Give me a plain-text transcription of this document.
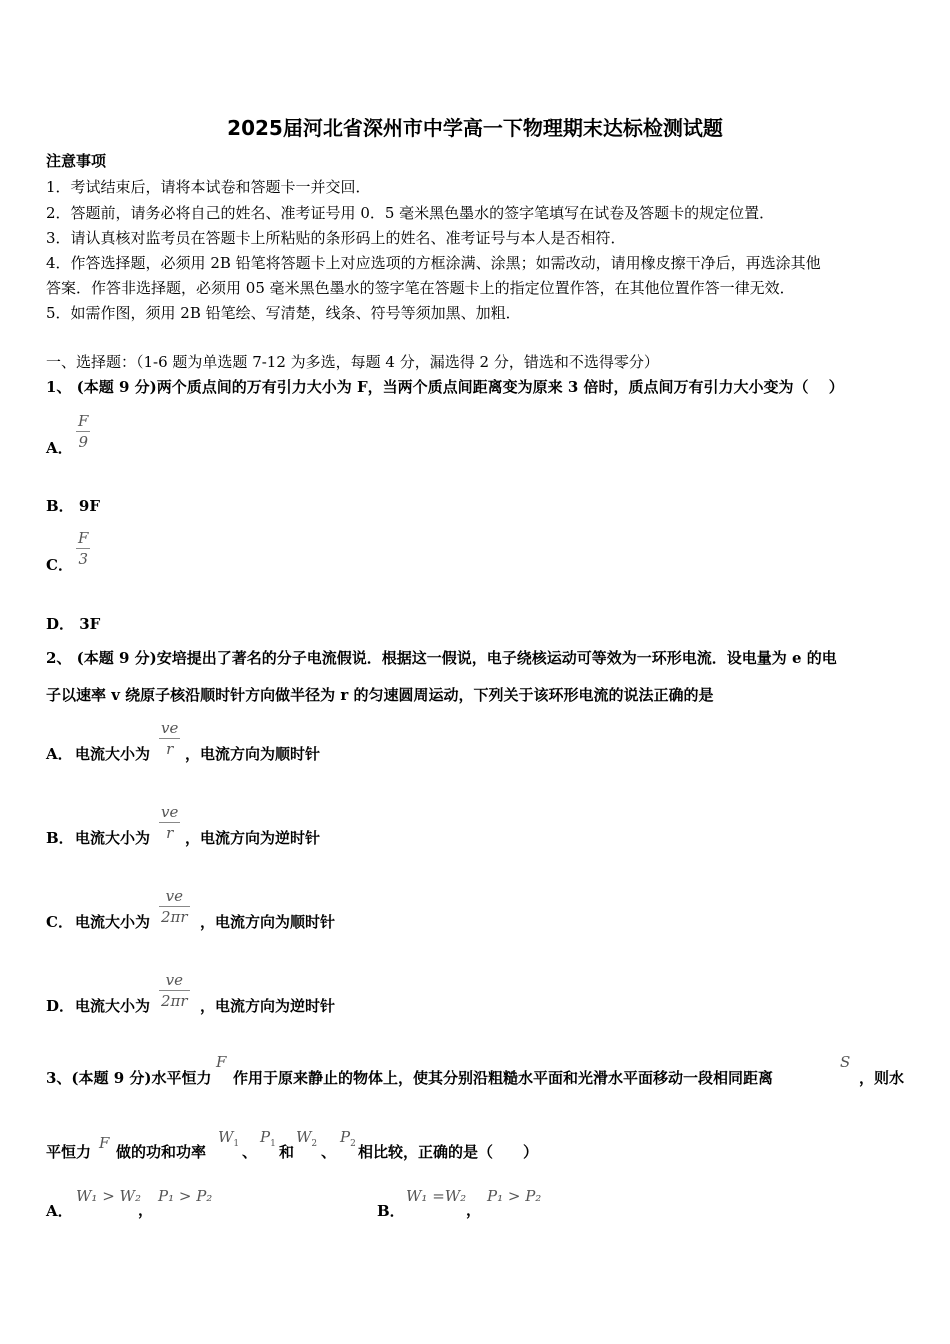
2025届河北省深州市中学高一下物理期末达标检测试题
注意事项
1．考试结束后，请将本试卷和答题卡一并交回．
2．答题前，请务必将自己的姓名、准考证号用 0．5 毫米黑色墨水的签字笔填写在试卷及答题卡的规定位置．
3．请认真核对监考员在答题卡上所粘贴的条形码上的姓名、准考证号与本人是否相符．
4．作答选择题，必须用 2B 铅笔将答题卡上对应选项的方框涂满、涂黑；如需改动，请用橡皮擦干净后，再选涂其他
答案．作答非选择题，必须用 05 毫米黑色墨水的签字笔在答题卡上的指定位置作答，在其他位置作答一律无效．
5．如需作图，须用 2B 铅笔绘、写清楚，线条、符号等须加黑、加粗．
一、选择题：（1-6 题为单选题 7-12 为多选，每题 4 分，漏选得 2 分，错选和不选得零分）
1、 (本题 9 分)两个质点间的万有引力大小为 F，当两个质点间距离变为原来 3 倍时，质点间万有引力大小变为（　 ）
A． $\frac{F}{9}$
B． 9F
C． $\frac{F}{3}$
D． 3F
2、 (本题 9 分)安培提出了著名的分子电流假说．根据这一假说，电子绕核运动可等效为一环形电流．设电量为 e 的电
子以速率 v 绕原子核沿顺时针方向做半径为 r 的匀速圆周运动，下列关于该环形电流的说法正确的是
A． 电流大小为 $\frac{ve}{r}$ ，电流方向为顺时针
B． 电流大小为 $\frac{ve}{r}$ ，电流方向为逆时针
C． 电流大小为 $\frac{ve}{2\pi r}$ ，电流方向为顺时针
D． 电流大小为 $\frac{ve}{2\pi r}$ ，电流方向为逆时针
3、(本题 9 分)水平恒力
F
作用于原来静止的物体上，使其分别沿粗糙水平面和光滑水平面移动一段相同距离
S
，则水
平恒力 F 做的功和功率
$W_1$ 、
$P_1$ 和
$W_2$ 、
$P_2$ 相比较，正确的是（　　）
A．
W₁ > W₂
，
P₁ > P₂
B．
W₁ =W₂
，
P₁ > P₂
